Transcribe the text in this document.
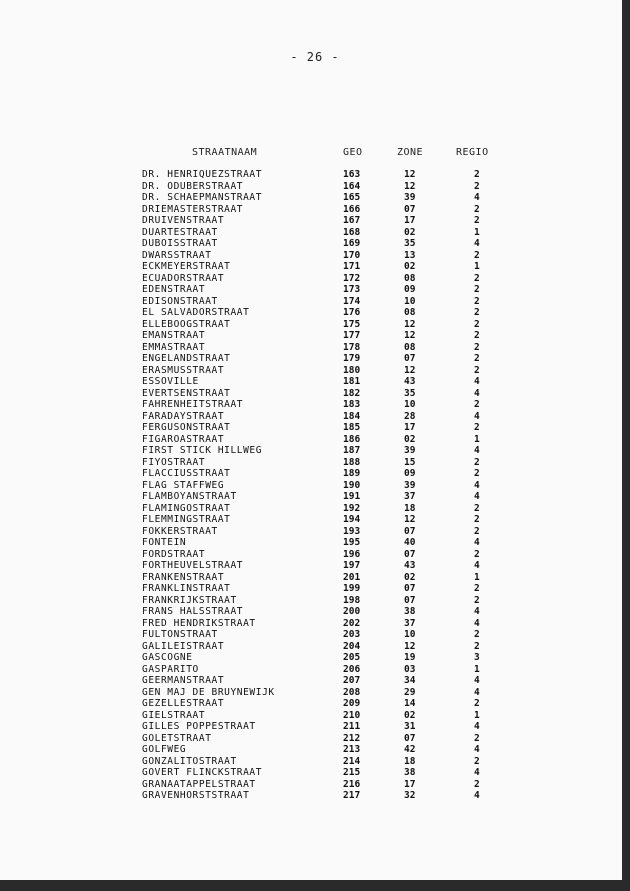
- 26 -
STRAATNAAM	GEO	ZONE	REGIO
DR. HENRIQUEZSTRAAT	163	12	2
DR. ODUBERSTRAAT	164	12	2
DR. SCHAEPMANSTRAAT	165	39	4
DRIEMASTERSTRAAT	166	07	2
DRUIVENSTRAAT	167	17	2
DUARTESTRAAT	168	02	1
DUBOISSTRAAT	169	35	4
DWARSSTRAAT	170	13	2
ECKMEYERSTRAAT	171	02	1
ECUADORSTRAAT	172	08	2
EDENSTRAAT	173	09	2
EDISONSTRAAT	174	10	2
EL SALVADORSTRAAT	176	08	2
ELLEBOOGSTRAAT	175	12	2
EMANSTRAAT	177	12	2
EMMASTRAAT	178	08	2
ENGELANDSTRAAT	179	07	2
ERASMUSSTRAAT	180	12	2
ESSOVILLE	181	43	4
EVERTSENSTRAAT	182	35	4
FAHRENHEITSTRAAT	183	10	2
FARADAYSTRAAT	184	28	4
FERGUSONSTRAAT	185	17	2
FIGAROASTRAAT	186	02	1
FIRST STICK HILLWEG	187	39	4
FIYOSTRAAT	188	15	2
FLACCIUSSTRAAT	189	09	2
FLAG STAFFWEG	190	39	4
FLAMBOYANSTRAAT	191	37	4
FLAMINGOSTRAAT	192	18	2
FLEMMINGSTRAAT	194	12	2
FOKKERSTRAAT	193	07	2
FONTEIN	195	40	4
FORDSTRAAT	196	07	2
FORTHEUVELSTRAAT	197	43	4
FRANKENSTRAAT	201	02	1
FRANKLINSTRAAT	199	07	2
FRANKRIJKSTRAAT	198	07	2
FRANS HALSSTRAAT	200	38	4
FRED HENDRIKSTRAAT	202	37	4
FULTONSTRAAT	203	10	2
GALILEISTRAAT	204	12	2
GASCOGNE	205	19	3
GASPARITO	206	03	1
GEERMANSTRAAT	207	34	4
GEN MAJ DE BRUYNEWIJK	208	29	4
GEZELLESTRAAT	209	14	2
GIELSTRAAT	210	02	1
GILLES POPPESTRAAT	211	31	4
GOLETSTRAAT	212	07	2
GOLFWEG	213	42	4
GONZALITOSTRAAT	214	18	2
GOVERT FLINCKSTRAAT	215	38	4
GRANAATAPPELSTRAAT	216	17	2
GRAVENHORSTSTRAAT	217	32	4
